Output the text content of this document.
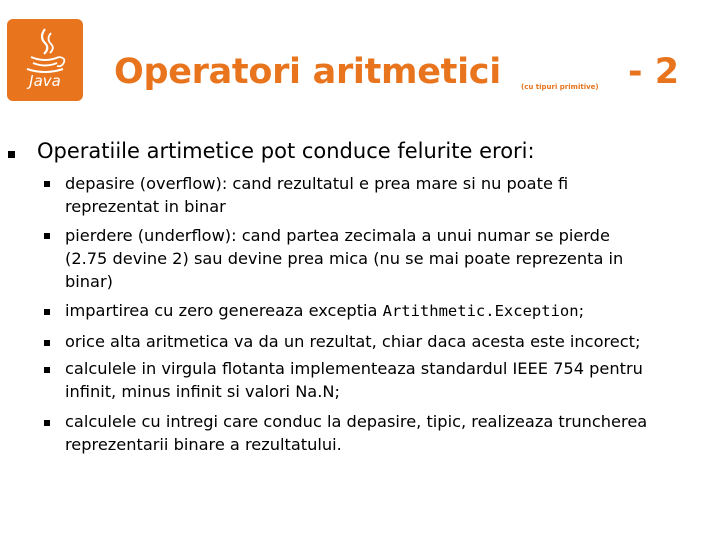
Java	Operatori aritmetici	(cu tipuri primitive) - 2
Operatiile artimetice pot conduce felurite erori:
depasire (overflow): cand rezultatul e prea mare si nu poate fi
reprezentat in binar
pierdere (underflow): cand partea zecimala a unui numar se pierde
(2.75 devine 2) sau devine prea mica (nu se mai poate reprezenta in
binar)
impartirea cu zero genereaza exceptia Artithmetic.Exception;
orice alta aritmetica va da un rezultat, chiar daca acesta este incorect;
calculele in virgula flotanta implementeaza standardul IEEE 754 pentru
infinit, minus infinit si valori Na.N;
calculele cu intregi care conduc la depasire, tipic, realizeaza truncherea
reprezentarii binare a rezultatului.
